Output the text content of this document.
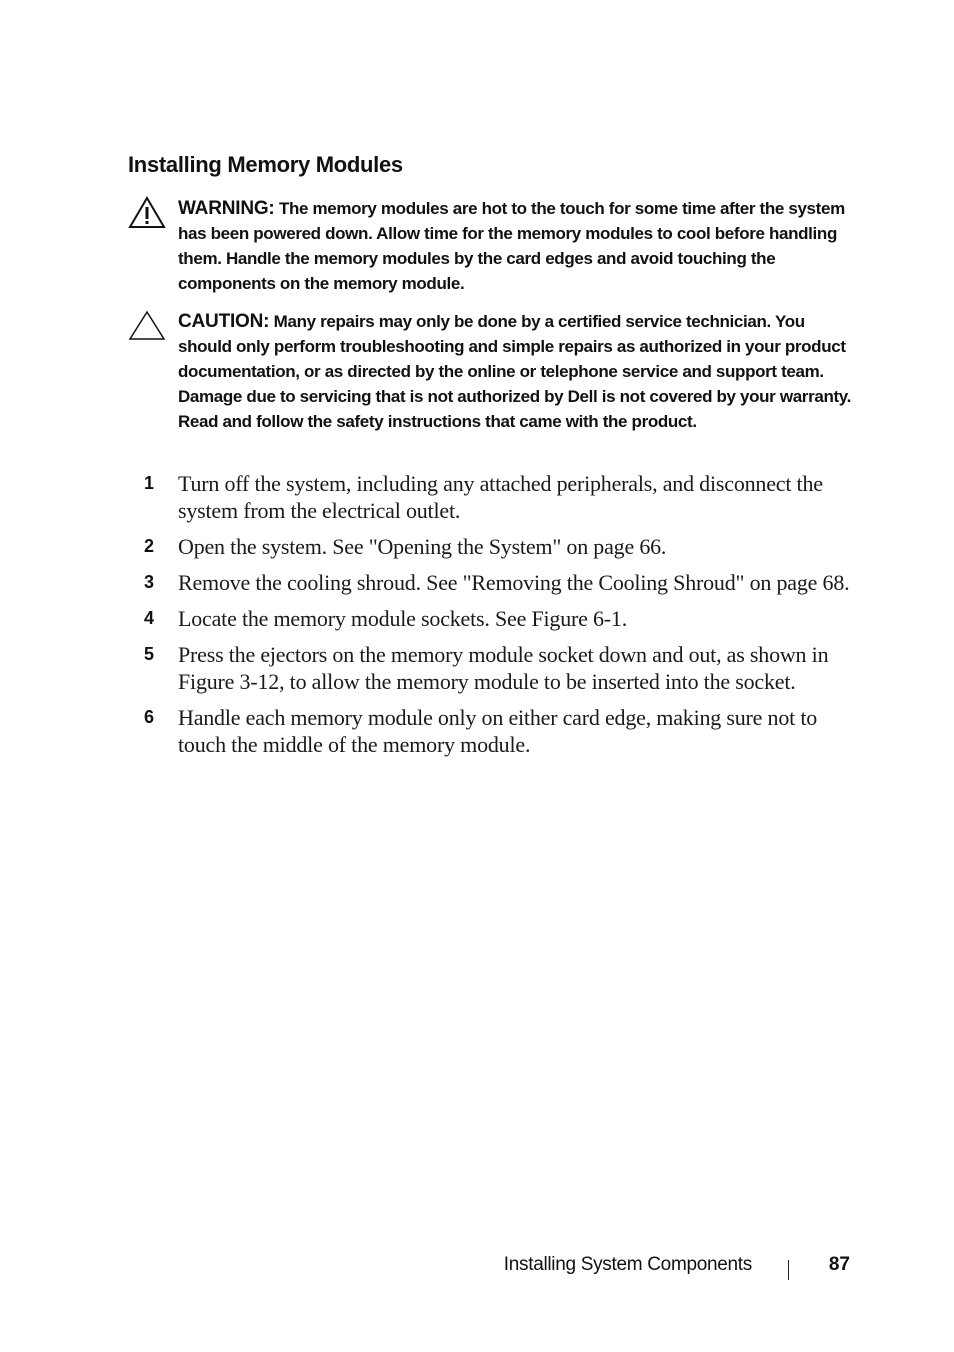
Installing Memory Modules
WARNING: The memory modules are hot to the touch for some time after the system has been powered down. Allow time for the memory modules to cool before handling them. Handle the memory modules by the card edges and avoid touching the components on the memory module.
CAUTION: Many repairs may only be done by a certified service technician. You should only perform troubleshooting and simple repairs as authorized in your product documentation, or as directed by the online or telephone service and support team. Damage due to servicing that is not authorized by Dell is not covered by your warranty. Read and follow the safety instructions that came with the product.
1 Turn off the system, including any attached peripherals, and disconnect the system from the electrical outlet.
2 Open the system. See "Opening the System" on page 66.
3 Remove the cooling shroud. See "Removing the Cooling Shroud" on page 68.
4 Locate the memory module sockets. See Figure 6-1.
5 Press the ejectors on the memory module socket down and out, as shown in Figure 3-12, to allow the memory module to be inserted into the socket.
6 Handle each memory module only on either card edge, making sure not to touch the middle of the memory module.
Installing System Components	87
